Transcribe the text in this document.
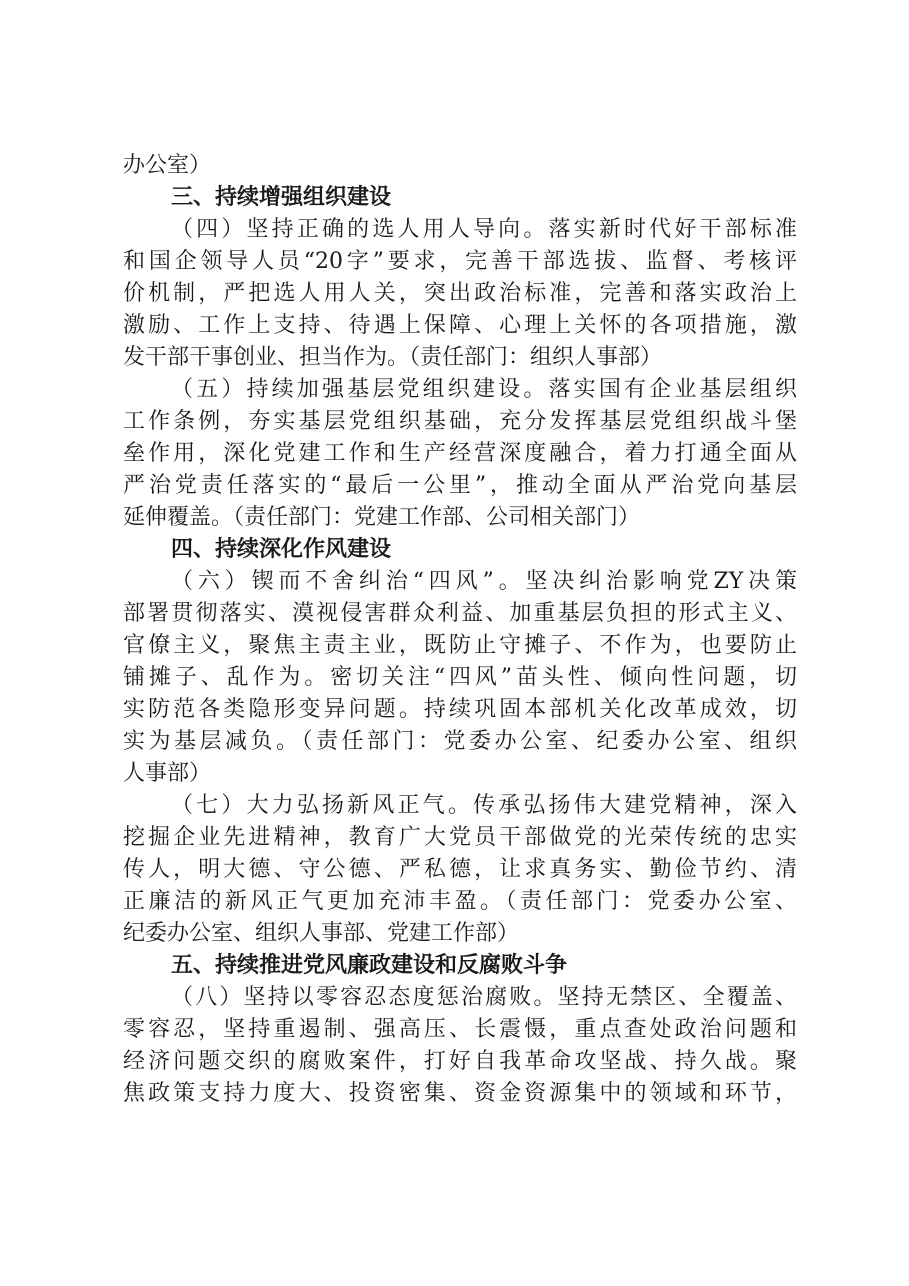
办公室）
三、持续增强组织建设
（四）坚持正确的选人用人导向。落实新时代好干部标准
和国企领导人员“20字”要求，完善干部选拔、监督、考核评
价机制，严把选人用人关，突出政治标准，完善和落实政治上
激励、工作上支持、待遇上保障、心理上关怀的各项措施，激
发干部干事创业、担当作为。（责任部门：组织人事部）
（五）持续加强基层党组织建设。落实国有企业基层组织
工作条例，夯实基层党组织基础，充分发挥基层党组织战斗堡
垒作用，深化党建工作和生产经营深度融合，着力打通全面从
严治党责任落实的“最后一公里”，推动全面从严治党向基层
延伸覆盖。（责任部门：党建工作部、公司相关部门）
四、持续深化作风建设
（六）锲而不舍纠治“四风”。坚决纠治影响党ZY决策
部署贯彻落实、漠视侵害群众利益、加重基层负担的形式主义、
官僚主义，聚焦主责主业，既防止守摊子、不作为，也要防止
铺摊子、乱作为。密切关注“四风”苗头性、倾向性问题，切
实防范各类隐形变异问题。持续巩固本部机关化改革成效，切
实为基层减负。（责任部门：党委办公室、纪委办公室、组织
人事部）
（七）大力弘扬新风正气。传承弘扬伟大建党精神，深入
挖掘企业先进精神，教育广大党员干部做党的光荣传统的忠实
传人，明大德、守公德、严私德，让求真务实、勤俭节约、清
正廉洁的新风正气更加充沛丰盈。（责任部门：党委办公室、
纪委办公室、组织人事部、党建工作部）
五、持续推进党风廉政建设和反腐败斗争
（八）坚持以零容忍态度惩治腐败。坚持无禁区、全覆盖、
零容忍，坚持重遏制、强高压、长震慑，重点查处政治问题和
经济问题交织的腐败案件，打好自我革命攻坚战、持久战。聚
焦政策支持力度大、投资密集、资金资源集中的领域和环节，
